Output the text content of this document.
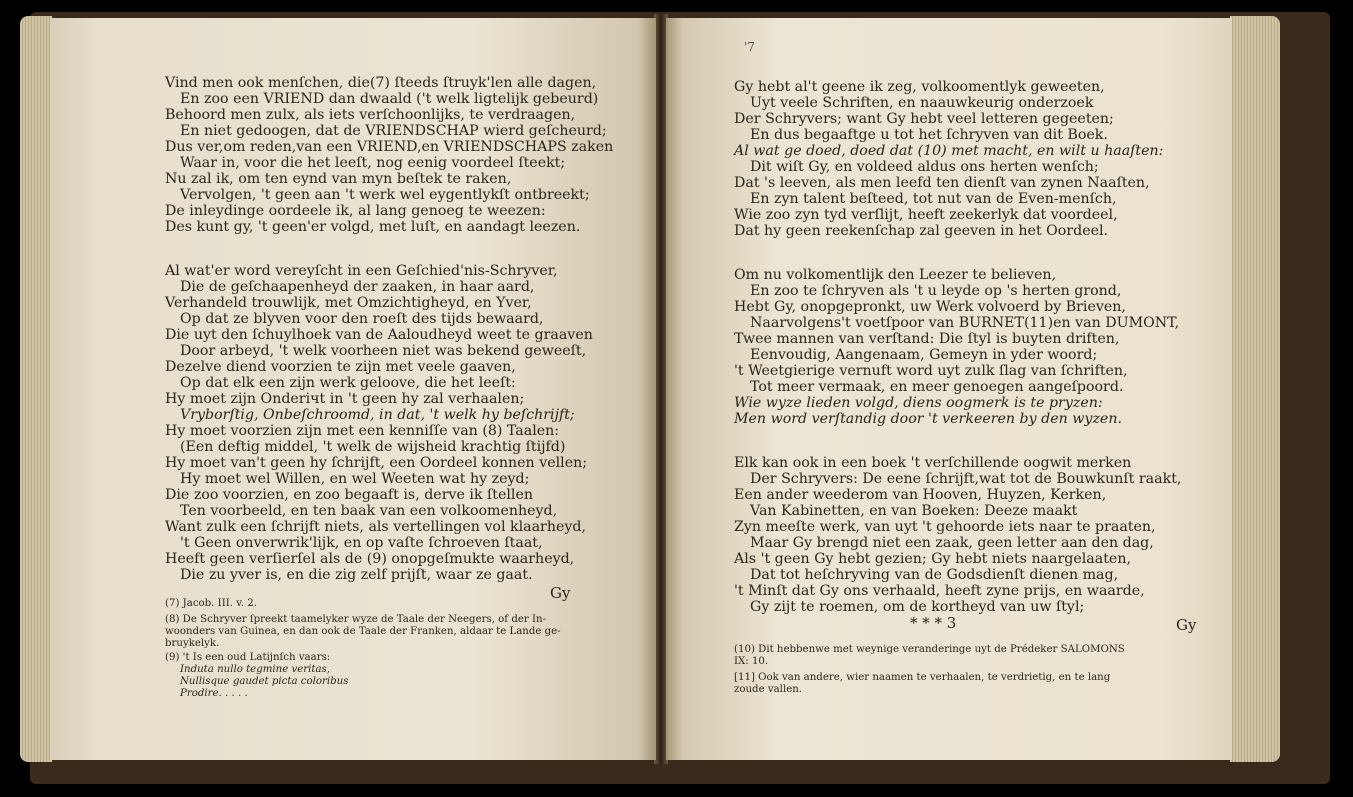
Vind men ook menſchen, die(7) ſteeds ſtruyk'len alle dagen,
En zoo een VRIEND dan dwaald ('t welk ligtelijk gebeurd)
Behoord men zulx, als iets verſchoonlijks, te verdraagen,
En niet gedoogen, dat de VRIENDSCHAP wierd geſcheurd;
Dus ver,om reden,van een VRIEND,en VRIENDSCHAPS zaken
Waar in, voor die het leeſt, nog eenig voordeel ſteekt;
Nu zal ik, om ten eynd van myn beſtek te raken,
Vervolgen, 't geen aan 't werk wel eygentlykſt ontbreekt;
De inleydinge oordeele ik, al lang genoeg te weezen:
Des kunt gy, 't geen'er volgd, met luſt, en aandagt leezen.
Al wat'er word vereyſcht in een Geſchied'nis-Schryver,
Die de geſchaapenheyd der zaaken, in haar aard,
Verhandeld trouwlijk, met Omzichtigheyd, en Yver,
Op dat ze blyven voor den roeſt des tijds bewaard,
Die uyt den ſchuylhoek van de Aaloudheyd weet te graaven
Door arbeyd, 't welk voorheen niet was bekend geweeſt,
Dezelve diend voorzien te zijn met veele gaaven,
Op dat elk een zijn werk geloove, die het leeſt:
Hy moet zijn Onderiчt in 't geen hy zal verhaalen;
Vryborſtig, Onbeſchroomd, in dat, 't welk hy beſchrijft;
Hy moet voorzien zijn met een kenniſſe van (8) Taalen:
(Een deftig middel, 't welk de wijsheid krachtig ſtijfd)
Hy moet van't geen hy ſchrijft, een Oordeel konnen vellen;
Hy moet wel Willen, en wel Weeten wat hy zeyd;
Die zoo voorzien, en zoo begaaft is, derve ik ſtellen
Ten voorbeeld, en ten baak van een volkoomenheyd,
Want zulk een ſchrijft niets, als vertellingen vol klaarheyd,
't Geen onverwrik'lijk, en op vaſte ſchroeven ſtaat,
Heeft geen verſierſel als de (9) onopgeſmukte waarheyd,
Die zu yver is, en die zig zelf prijſt, waar ze gaat.
Gy
(7) Jacob. III. v. 2.
(8) De Schryver ſpreekt taamelyker wyze de Taale der Neegers, of der In-
woonders van Guinea, en dan ook de Taale der Franken, aldaar te Lande ge-
bruykelyk.
(9) 't Is een oud Latijnſch vaars:
Induta nullo tegmine veritas,
Nullisque gaudet picta coloribus
Prodire. . . . .
'7
Gy hebt al't geene ik zeg, volkoomentlyk geweeten,
Uyt veele Schriften, en naauwkeurig onderzoek
Der Schryvers; want Gy hebt veel letteren gegeeten;
En dus begaaftge u tot het ſchryven van dit Boek.
Al wat ge doed, doed dat (10) met macht, en wilt u haaſten:
Dit wiſt Gy, en voldeed aldus ons herten wenſch;
Dat 's leeven, als men leefd ten dienſt van zynen Naaſten,
En zyn talent beſteed, tot nut van de Even-menſch,
Wie zoo zyn tyd verſlijt, heeft zeekerlyk dat voordeel,
Dat hy geen reekenſchap zal geeven in het Oordeel.
Om nu volkomentlijk den Leezer te believen,
En zoo te ſchryven als 't u leyde op 's herten grond,
Hebt Gy, onopgepronkt, uw Werk volvoerd by Brieven,
Naarvolgens't voetſpoor van BURNET(11)en van DUMONT,
Twee mannen van verſtand: Die ſtyl is buyten driften,
Eenvoudig, Aangenaam, Gemeyn in yder woord;
't Weetgierige vernuft word uyt zulk ſlag van ſchriften,
Tot meer vermaak, en meer genoegen aangeſpoord.
Wie wyze lieden volgd, diens oogmerk is te pryzen:
Men word verſtandig door 't verkeeren by den wyzen.
Elk kan ook in een boek 't verſchillende oogwit merken
Der Schryvers: De eene ſchrijft,wat tot de Bouwkunſt raakt,
Een ander weederom van Hooven, Huyzen, Kerken,
Van Kabinetten, en van Boeken: Deeze maakt
Zyn meeſte werk, van uyt 't gehoorde iets naar te praaten,
Maar Gy brengd niet een zaak, geen letter aan den dag,
Als 't geen Gy hebt gezien; Gy hebt niets naargelaaten,
Dat tot heſchryving van de Godsdienſt dienen mag,
't Minſt dat Gy ons verhaald, heeft zyne prijs, en waarde,
Gy zijt te roemen, om de kortheyd van uw ſtyl;
* * * 3	Gy
(10) Dit hebbenwe met weynige veranderinge uyt de Prédeker SALOMONS
IX: 10.
[11] Ook van andere, wier naamen te verhaalen, te verdrietig, en te lang
zoude vallen.
